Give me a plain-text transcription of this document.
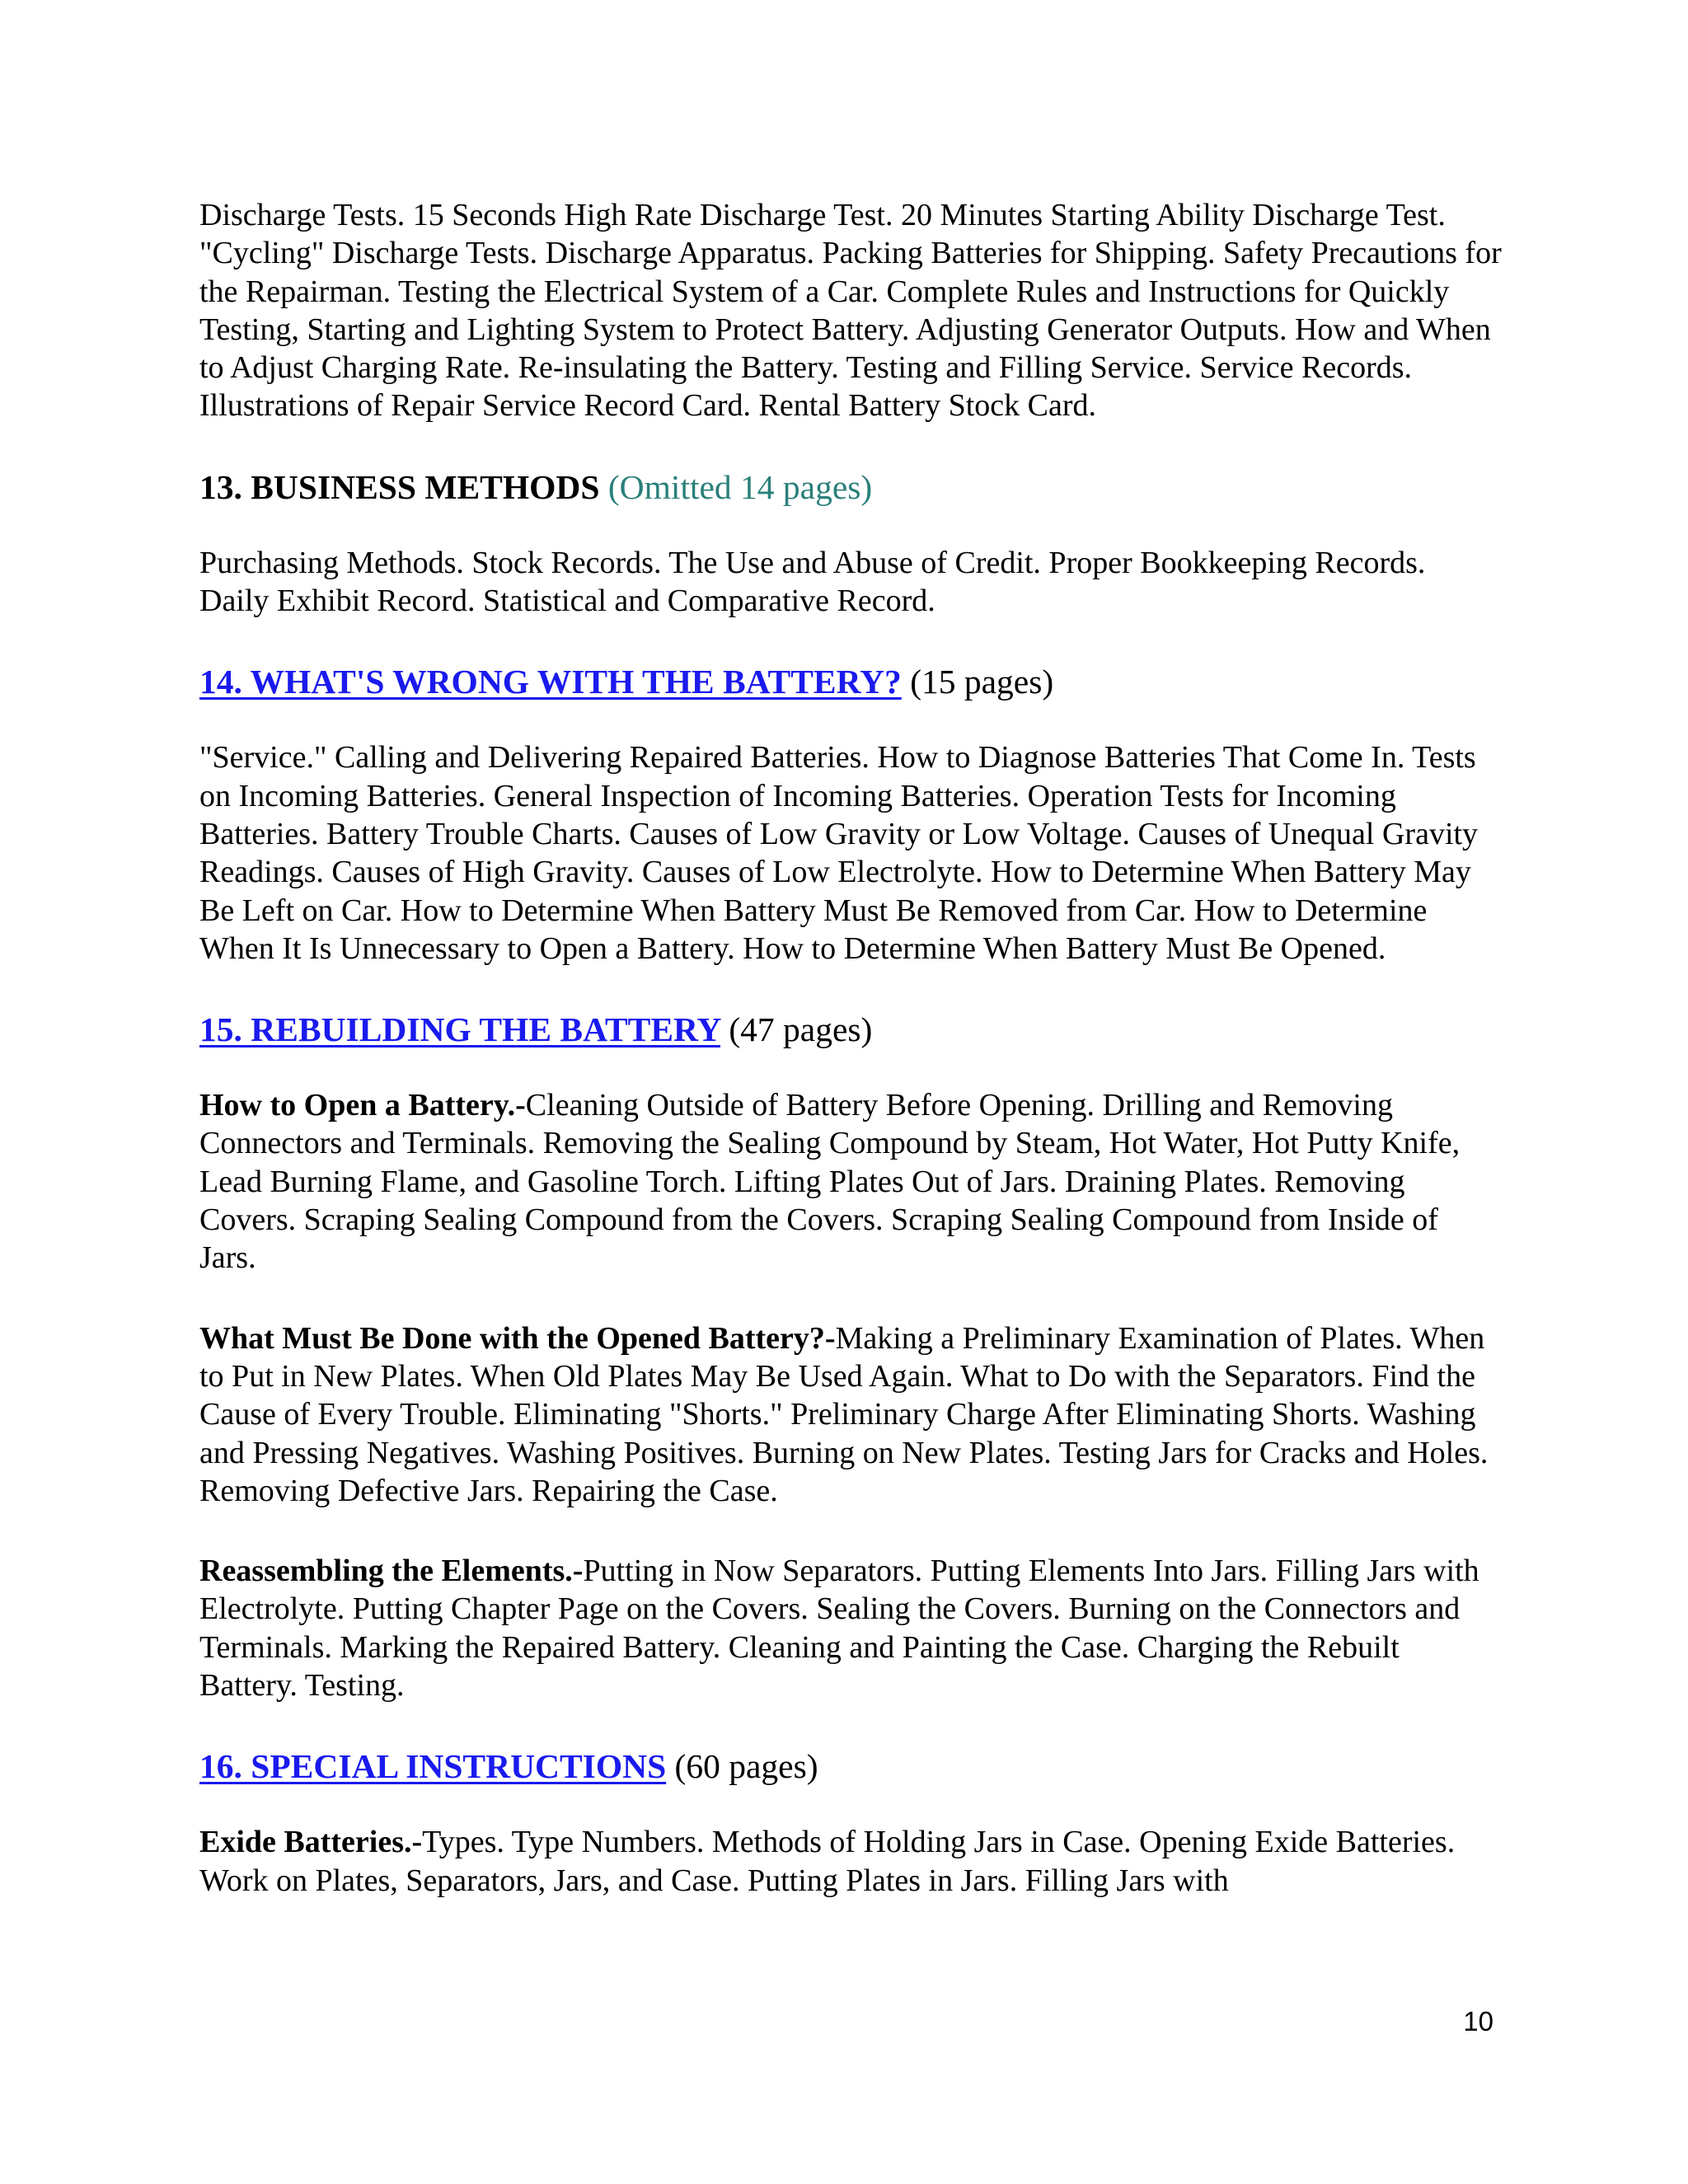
Discharge Tests. 15 Seconds High Rate Discharge Test. 20 Minutes Starting Ability Discharge Test. "Cycling" Discharge Tests. Discharge Apparatus. Packing Batteries for Shipping. Safety Precautions for the Repairman. Testing the Electrical System of a Car. Complete Rules and Instructions for Quickly Testing, Starting and Lighting System to Protect Battery. Adjusting Generator Outputs. How and When to Adjust Charging Rate. Re-insulating the Battery. Testing and Filling Service. Service Records. Illustrations of Repair Service Record Card. Rental Battery Stock Card.

13. BUSINESS METHODS (Omitted 14 pages)

Purchasing Methods. Stock Records. The Use and Abuse of Credit. Proper Bookkeeping Records. Daily Exhibit Record. Statistical and Comparative Record.

14. WHAT'S WRONG WITH THE BATTERY? (15 pages)

"Service." Calling and Delivering Repaired Batteries. How to Diagnose Batteries That Come In. Tests on Incoming Batteries. General Inspection of Incoming Batteries. Operation Tests for Incoming Batteries. Battery Trouble Charts. Causes of Low Gravity or Low Voltage. Causes of Unequal Gravity Readings. Causes of High Gravity. Causes of Low Electrolyte. How to Determine When Battery May Be Left on Car. How to Determine When Battery Must Be Removed from Car. How to Determine When It Is Unnecessary to Open a Battery. How to Determine When Battery Must Be Opened.

15. REBUILDING THE BATTERY (47 pages)

How to Open a Battery.-Cleaning Outside of Battery Before Opening. Drilling and Removing Connectors and Terminals. Removing the Sealing Compound by Steam, Hot Water, Hot Putty Knife, Lead Burning Flame, and Gasoline Torch. Lifting Plates Out of Jars. Draining Plates. Removing Covers. Scraping Sealing Compound from the Covers. Scraping Sealing Compound from Inside of Jars.

What Must Be Done with the Opened Battery?-Making a Preliminary Examination of Plates. When to Put in New Plates. When Old Plates May Be Used Again. What to Do with the Separators. Find the Cause of Every Trouble. Eliminating "Shorts." Preliminary Charge After Eliminating Shorts. Washing and Pressing Negatives. Washing Positives. Burning on New Plates. Testing Jars for Cracks and Holes. Removing Defective Jars. Repairing the Case.

Reassembling the Elements.-Putting in Now Separators. Putting Elements Into Jars. Filling Jars with Electrolyte. Putting Chapter Page on the Covers. Sealing the Covers. Burning on the Connectors and Terminals. Marking the Repaired Battery. Cleaning and Painting the Case. Charging the Rebuilt Battery. Testing.

16. SPECIAL INSTRUCTIONS (60 pages)

Exide Batteries.-Types. Type Numbers. Methods of Holding Jars in Case. Opening Exide Batteries. Work on Plates, Separators, Jars, and Case. Putting Plates in Jars. Filling Jars with

10
